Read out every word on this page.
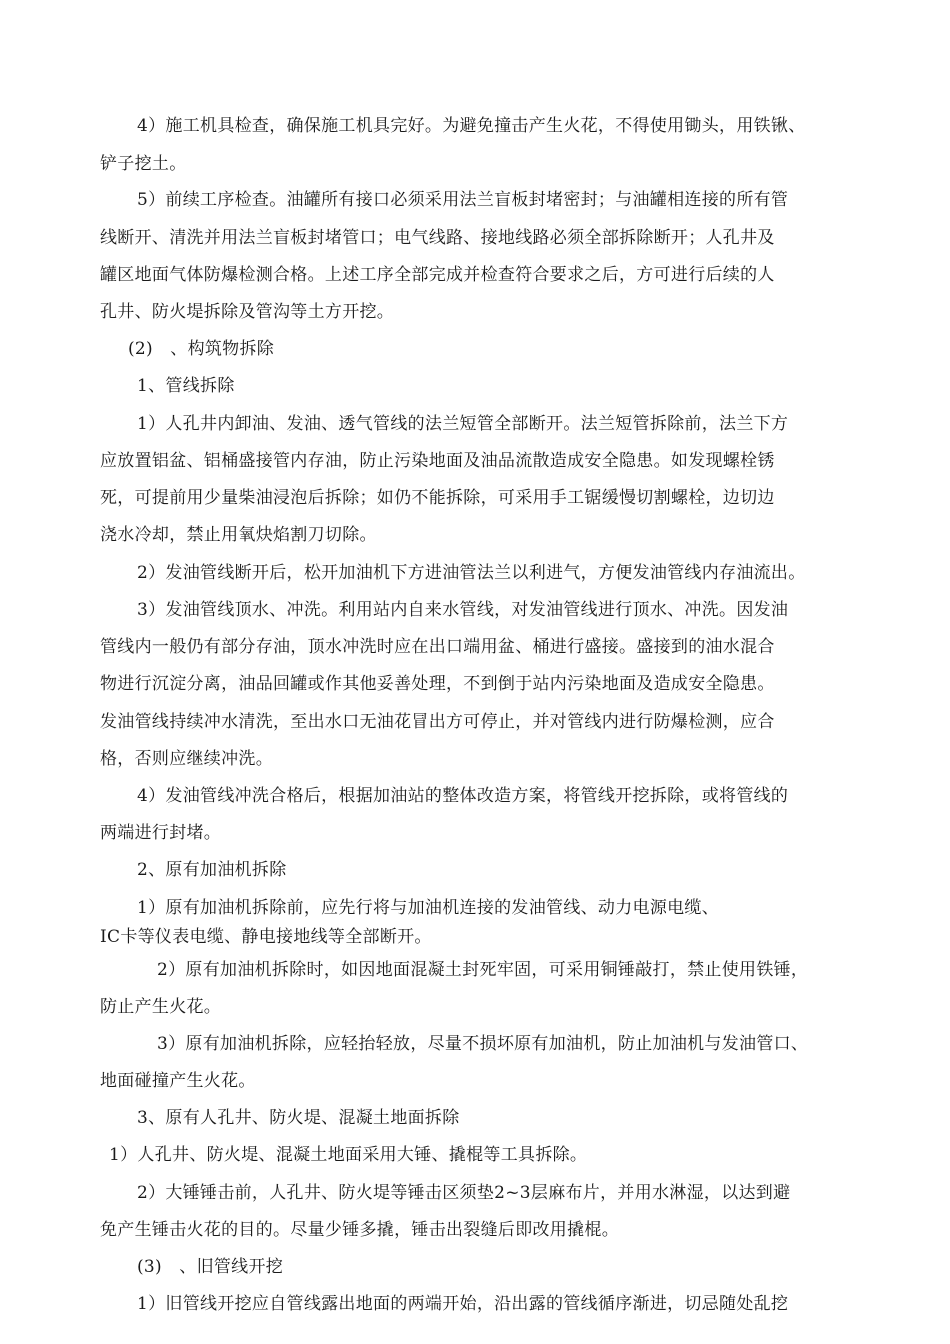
4）施工机具检查，确保施工机具完好。为避免撞击产生火花，不得使用锄头，用铁锹、
铲子挖土。
5）前续工序检查。油罐所有接口必须采用法兰盲板封堵密封；与油罐相连接的所有管
线断开、清洗并用法兰盲板封堵管口；电气线路、接地线路必须全部拆除断开；人孔井及
罐区地面气体防爆检测合格。上述工序全部完成并检查符合要求之后，方可进行后续的人
孔井、防火堤拆除及管沟等土方开挖。
(2)　、构筑物拆除
1、管线拆除
1）人孔井内卸油、发油、透气管线的法兰短管全部断开。法兰短管拆除前，法兰下方
应放置铝盆、铝桶盛接管内存油，防止污染地面及油品流散造成安全隐患。如发现螺栓锈
死，可提前用少量柴油浸泡后拆除；如仍不能拆除，可采用手工锯缓慢切割螺栓，边切边
浇水冷却，禁止用氧炔焰割刀切除。
2）发油管线断开后，松开加油机下方进油管法兰以利进气，方便发油管线内存油流出。
3）发油管线顶水、冲洗。利用站内自来水管线，对发油管线进行顶水、冲洗。因发油
管线内一般仍有部分存油，顶水冲洗时应在出口端用盆、桶进行盛接。盛接到的油水混合
物进行沉淀分离，油品回罐或作其他妥善处理，不到倒于站内污染地面及造成安全隐患。
发油管线持续冲水清洗，至出水口无油花冒出方可停止，并对管线内进行防爆检测，应合
格，否则应继续冲洗。
4）发油管线冲洗合格后，根据加油站的整体改造方案，将管线开挖拆除，或将管线的
两端进行封堵。
2、原有加油机拆除
1）原有加油机拆除前，应先行将与加油机连接的发油管线、动力电源电缆、
IC卡等仪表电缆、静电接地线等全部断开。
2）原有加油机拆除时，如因地面混凝土封死牢固，可采用铜锤敲打，禁止使用铁锤，
防止产生火花。
3）原有加油机拆除，应轻抬轻放，尽量不损坏原有加油机，防止加油机与发油管口、
地面碰撞产生火花。
3、原有人孔井、防火堤、混凝土地面拆除
1）人孔井、防火堤、混凝土地面采用大锤、撬棍等工具拆除。
2）大锤锤击前，人孔井、防火堤等锤击区须垫2~3层麻布片，并用水淋湿，以达到避
免产生锤击火花的目的。尽量少锤多撬，锤击出裂缝后即改用撬棍。
(3)　、旧管线开挖
1）旧管线开挖应自管线露出地面的两端开始，沿出露的管线循序渐进，切忌随处乱挖
